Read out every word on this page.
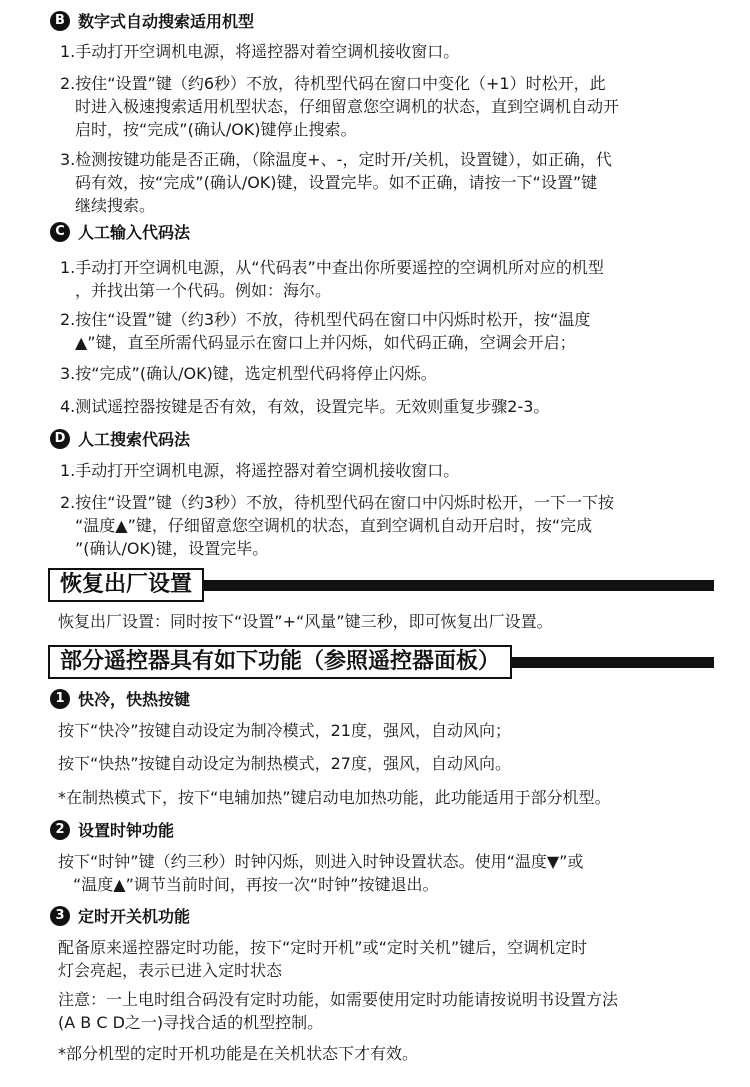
B 数字式自动搜索适用机型
1.手动打开空调机电源，将遥控器对着空调机接收窗口。
2.按住“设置”键（约6秒）不放，待机型代码在窗口中变化（+1）时松开，此
时进入极速搜索适用机型状态，仔细留意您空调机的状态，直到空调机自动开
启时，按“完成”(确认/OK)键停止搜索。
3.检测按键功能是否正确，（除温度+、-，定时开/关机，设置键），如正确，代
码有效，按“完成”(确认/OK)键，设置完毕。如不正确，请按一下“设置”键
继续搜索。
C 人工输入代码法
1.手动打开空调机电源，从“代码表”中查出你所要遥控的空调机所对应的机型
，并找出第一个代码。例如：海尔。
2.按住“设置”键（约3秒）不放，待机型代码在窗口中闪烁时松开，按“温度
▲”键，直至所需代码显示在窗口上并闪烁，如代码正确，空调会开启；
3.按“完成”(确认/OK)键，选定机型代码将停止闪烁。
4.测试遥控器按键是否有效，有效，设置完毕。无效则重复步骤2-3。
D 人工搜索代码法
1.手动打开空调机电源，将遥控器对着空调机接收窗口。
2.按住“设置”键（约3秒）不放，待机型代码在窗口中闪烁时松开，一下一下按
“温度▲”键，仔细留意您空调机的状态，直到空调机自动开启时，按“完成
”(确认/OK)键，设置完毕。
恢复出厂设置
恢复出厂设置：同时按下“设置”+“风量”键三秒，即可恢复出厂设置。
部分遥控器具有如下功能（参照遥控器面板）
1 快冷，快热按键
按下“快冷”按键自动设定为制冷模式，21度，强风，自动风向；
按下“快热”按键自动设定为制热模式，27度，强风，自动风向。
*在制热模式下，按下“电辅加热”键启动电加热功能，此功能适用于部分机型。
2 设置时钟功能
按下“时钟”键（约三秒）时钟闪烁，则进入时钟设置状态。使用“温度▼”或
“温度▲”调节当前时间，再按一次“时钟”按键退出。
3 定时开关机功能
配备原来遥控器定时功能，按下“定时开机”或“定时关机”键后，空调机定时
灯会亮起，表示已进入定时状态
注意：一上电时组合码没有定时功能，如需要使用定时功能请按说明书设置方法
(A B C D之一)寻找合适的机型控制。
*部分机型的定时开机功能是在关机状态下才有效。
